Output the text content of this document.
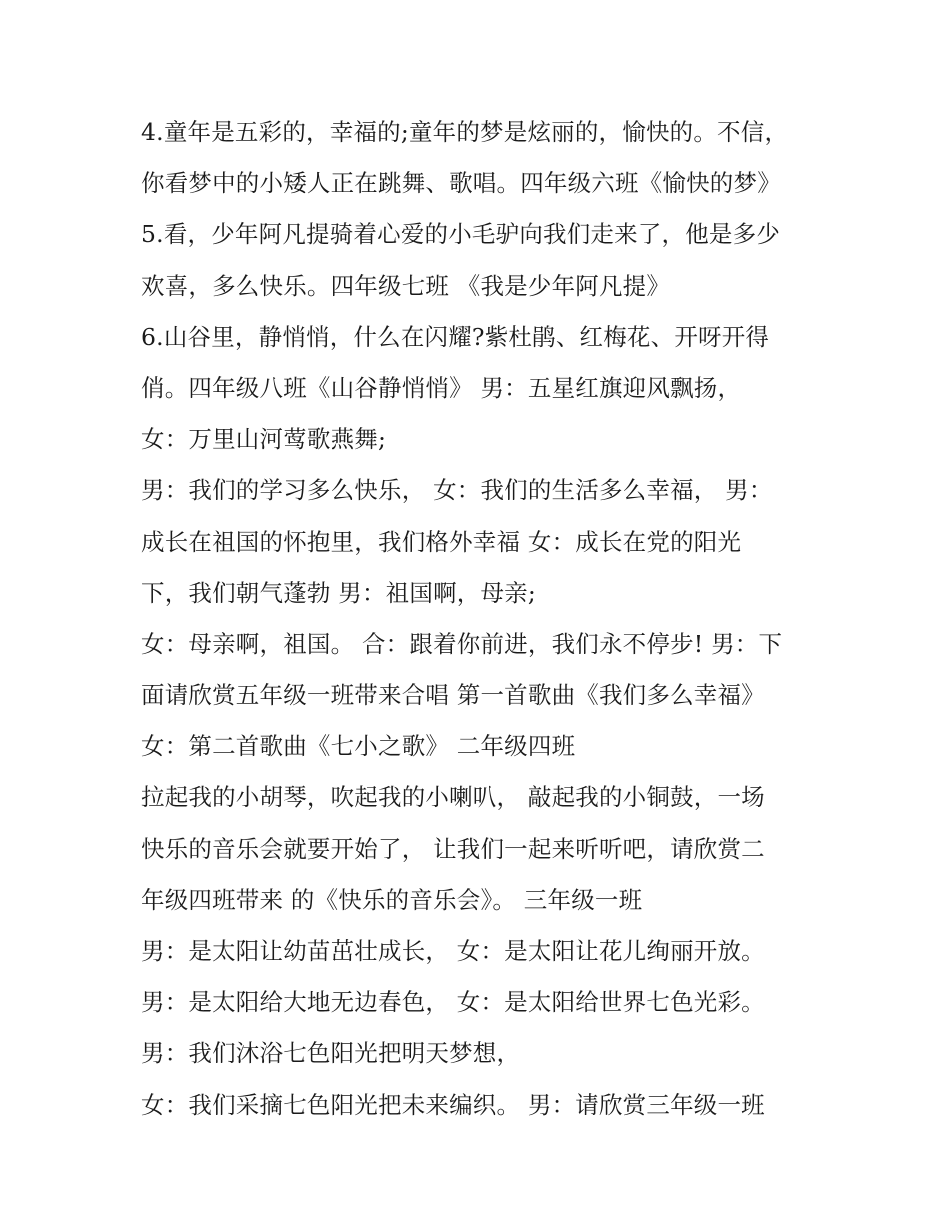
4.童年是五彩的，幸福的;童年的梦是炫丽的，愉快的。不信，
你看梦中的小矮人正在跳舞、歌唱。四年级六班《愉快的梦》
5.看，少年阿凡提骑着心爱的小毛驴向我们走来了，他是多少
欢喜，多么快乐。四年级七班 《我是少年阿凡提》
6.山谷里，静悄悄，什么在闪耀?紫杜鹃、红梅花、开呀开得
俏。四年级八班《山谷静悄悄》 男：五星红旗迎风飘扬，
女：万里山河莺歌燕舞;
男：我们的学习多么快乐， 女：我们的生活多么幸福， 男：
成长在祖国的怀抱里，我们格外幸福 女：成长在党的阳光
下，我们朝气蓬勃 男：祖国啊，母亲;
女：母亲啊，祖国。 合：跟着你前进，我们永不停步! 男：下
面请欣赏五年级一班带来合唱 第一首歌曲《我们多么幸福》
女：第二首歌曲《七小之歌》 二年级四班
拉起我的小胡琴，吹起我的小喇叭， 敲起我的小铜鼓，一场
快乐的音乐会就要开始了， 让我们一起来听听吧，请欣赏二
年级四班带来 的《快乐的音乐会》。 三年级一班
男：是太阳让幼苗茁壮成长， 女：是太阳让花儿绚丽开放。
男：是太阳给大地无边春色， 女：是太阳给世界七色光彩。
男：我们沐浴七色阳光把明天梦想，
女：我们采摘七色阳光把未来编织。 男：请欣赏三年级一班
